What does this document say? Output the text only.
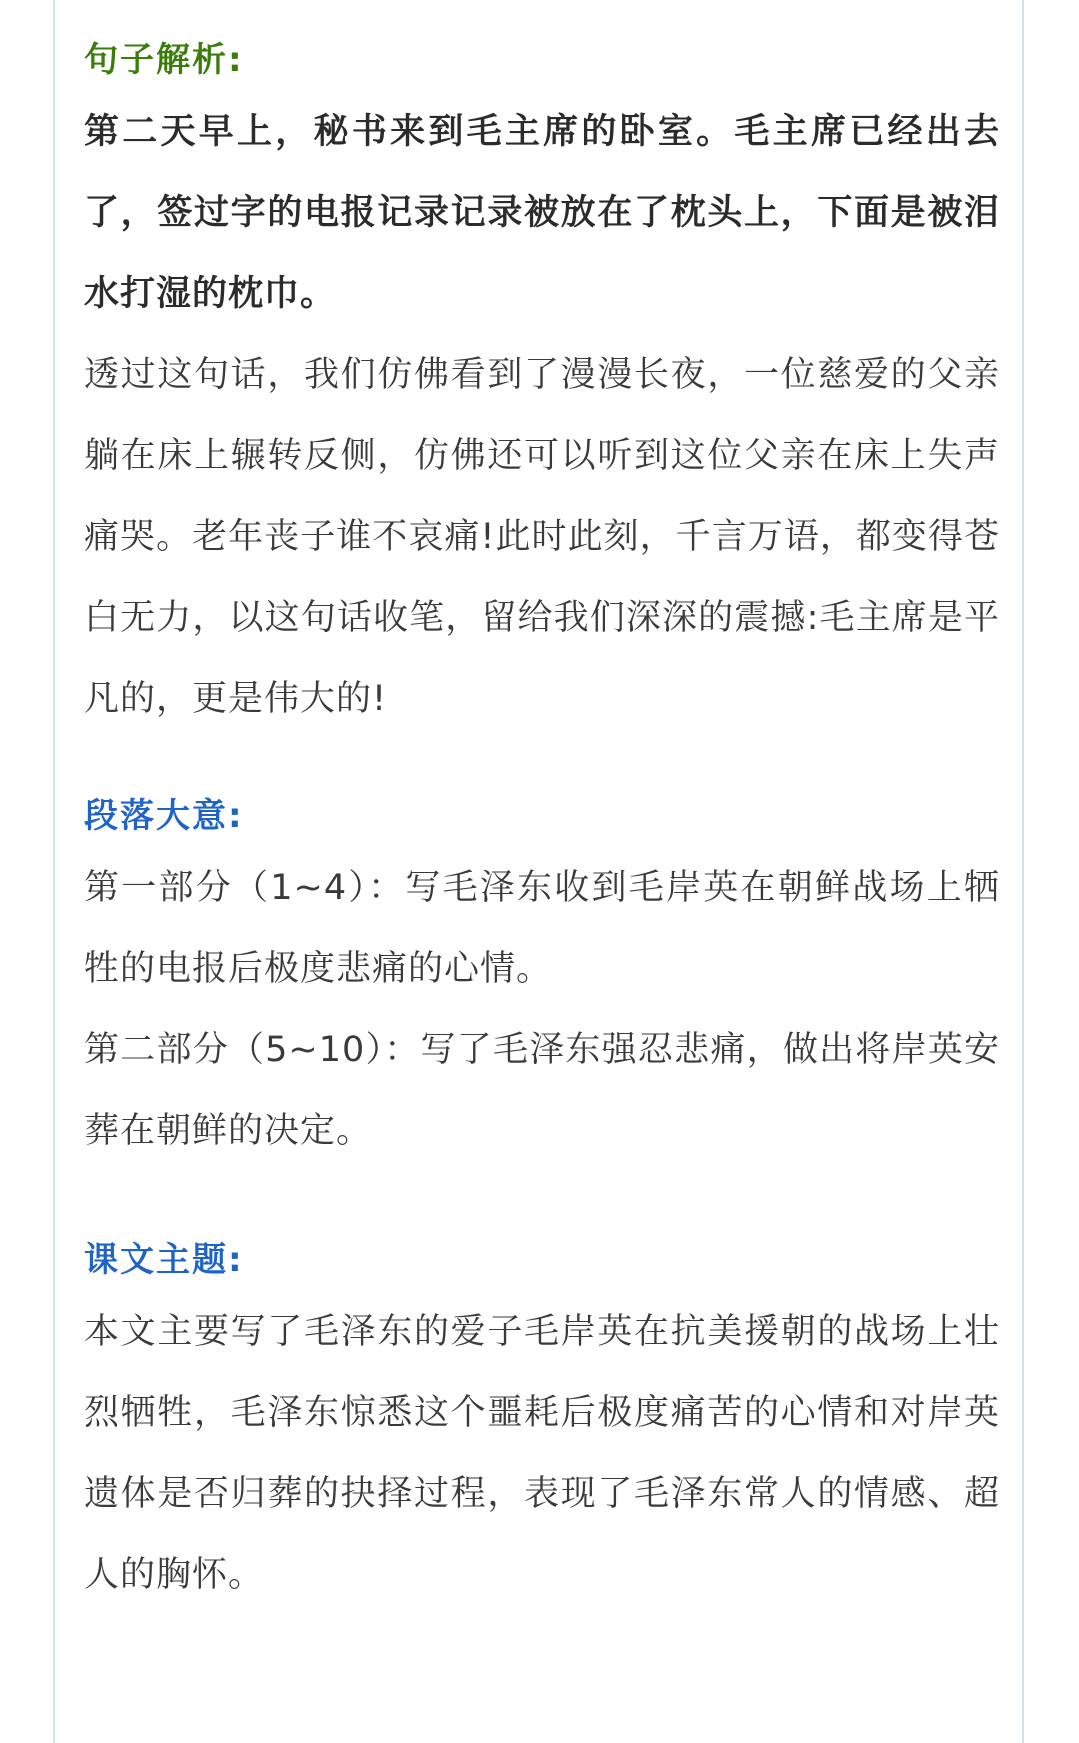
句子解析:

第二天早上，秘书来到毛主席的卧室。毛主席已经出去了，签过字的电报记录记录被放在了枕头上，下面是被泪水打湿的枕巾。

透过这句话，我们仿佛看到了漫漫长夜，一位慈爱的父亲躺在床上辗转反侧，仿佛还可以听到这位父亲在床上失声痛哭。老年丧子谁不哀痛!此时此刻，千言万语，都变得苍白无力，以这句话收笔，留给我们深深的震撼:毛主席是平凡的，更是伟大的!

段落大意:

第一部分（1~4）：写毛泽东收到毛岸英在朝鲜战场上牺牲的电报后极度悲痛的心情。

第二部分（5~10）：写了毛泽东强忍悲痛，做出将岸英安葬在朝鲜的决定。

课文主题:

本文主要写了毛泽东的爱子毛岸英在抗美援朝的战场上壮烈牺牲，毛泽东惊悉这个噩耗后极度痛苦的心情和对岸英遗体是否归葬的抉择过程，表现了毛泽东常人的情感、超人的胸怀。
